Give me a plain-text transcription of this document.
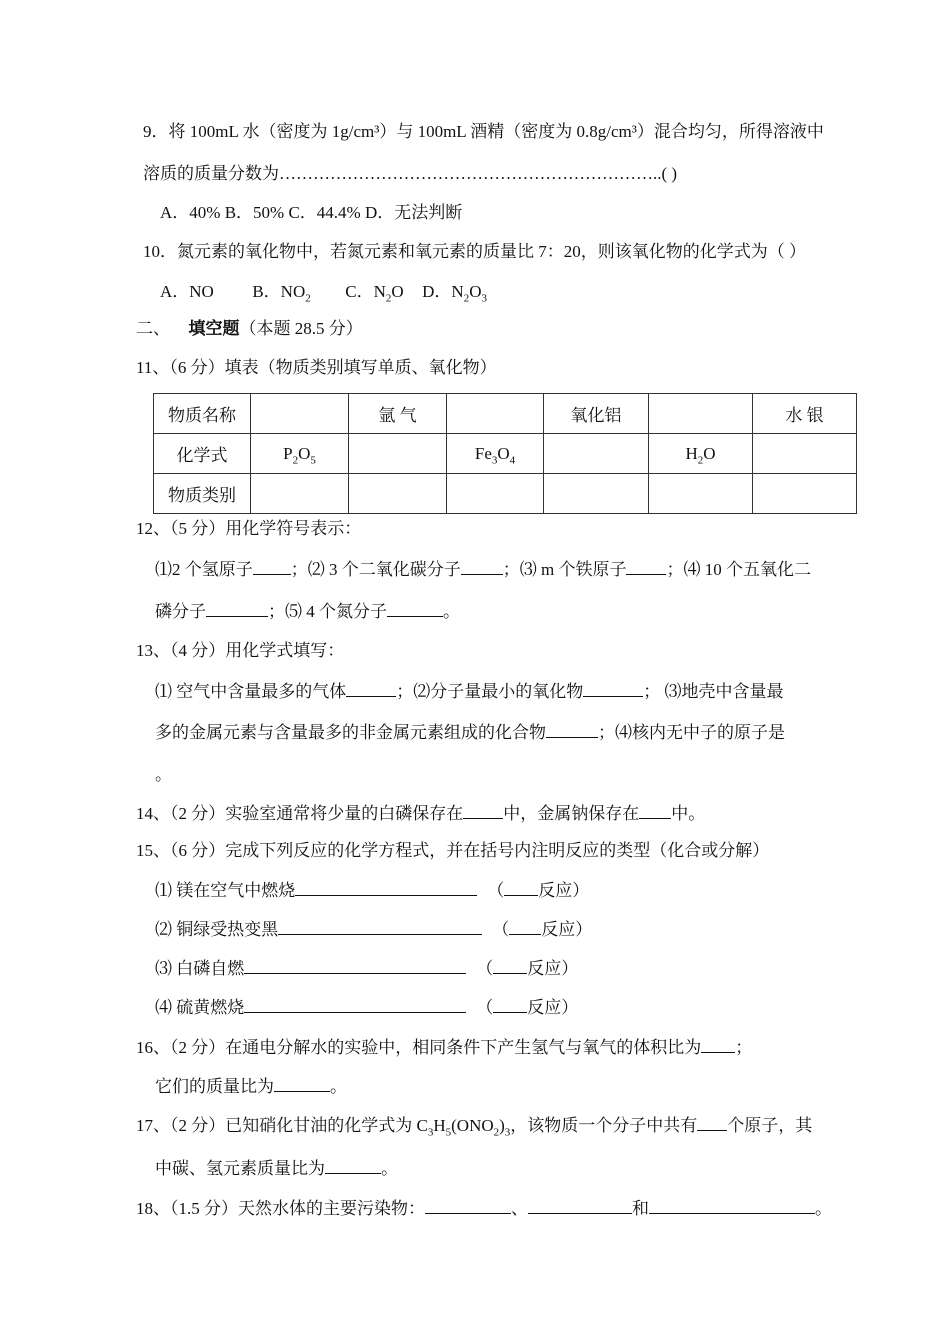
9．将 100mL 水（密度为 1g/cm³）与 100mL 酒精（密度为 0.8g/cm³）混合均匀，所得溶液中
溶质的质量分数为…………………………………………………………..( )
A．40% B．50% C．44.4% D．无法判断
10．氮元素的氧化物中，若氮元素和氧元素的质量比 7：20，则该氧化物的化学式为（ ）
A．NO B．$NO_2$ C．$N_2O$ D．$N_2O_3$
二、 填空题（本题 28.5 分）
11、（6 分）填表（物质类别填写单质、氧化物）
物质名称		氩 气		氧化铝		水 银
化学式	$P_2O_5$		$Fe_3O_4$		$H_2O$	
物质类别						
12、（5 分）用化学符号表示：
⑴2 个氢原子 ；⑵ 3 个二氧化碳分子 ；⑶ m 个铁原子 ；⑷ 10 个五氧化二
磷分子	；⑸ 4 个氮分子	。
13、（4 分）用化学式填写：
⑴ 空气中含量最多的气体	；⑵分子量最小的氧化物	； ⑶地壳中含量最
多的金属元素与含量最多的非金属元素组成的化合物	；⑷核内无中子的原子是
。
14、（2 分）实验室通常将少量的白磷保存在 中，金属钠保存在 中。
15、（6 分）完成下列反应的化学方程式，并在括号内注明反应的类型（化合或分解）
⑴ 镁在空气中燃烧	（ 反应）
⑵ 铜绿受热变黑	（ 反应）
⑶ 白磷自燃	（ 反应）
⑷ 硫黄燃烧	（ 反应）
16、（2 分）在通电分解水的实验中，相同条件下产生氢气与氧气的体积比为 ；
它们的质量比为	。
17、（2 分）已知硝化甘油的化学式为 $C_3H_5(ONO_2)_3$，该物质一个分子中共有 个原子，其
中碳、氢元素质量比为	。
18、（1.5 分）天然水体的主要污染物：	、	和	。
